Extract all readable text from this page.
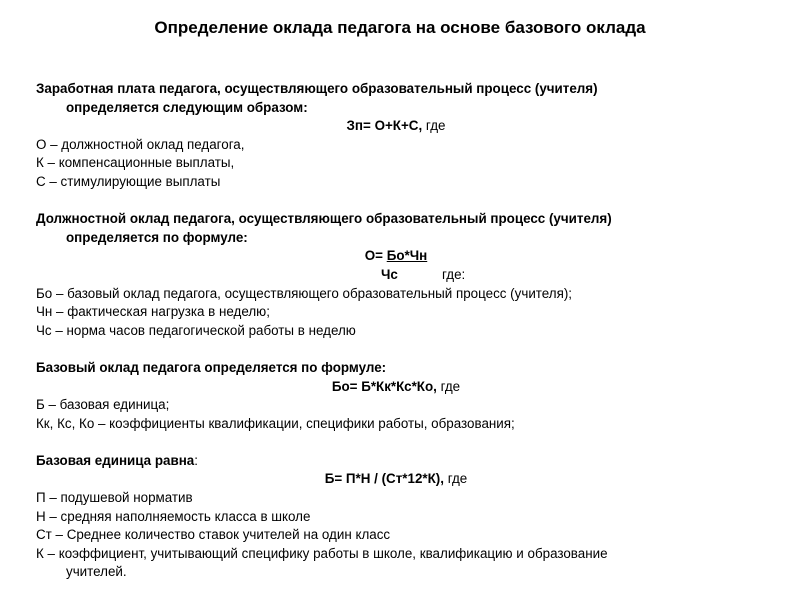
Определение оклада педагога на основе базового оклада
Заработная плата педагога, осуществляющего образовательный процесс (учителя)
определяется следующим образом:
Зп= О+К+С, где
О – должностной оклад педагога,
К – компенсационные выплаты,
С – стимулирующие выплаты
Должностной оклад педагога, осуществляющего образовательный процесс (учителя)
определяется по формуле:
О= Бо*Чн
Чс	где:

Бо – базовый оклад педагога, осуществляющего образовательный процесс (учителя);
Чн – фактическая нагрузка в неделю;
Чс – норма часов педагогической работы в неделю
Базовый оклад педагога определяется по формуле:
Бо= Б*Кк*Кс*Ко, где
Б – базовая единица;
Кк, Кс, Ко – коэффициенты квалификации, специфики работы, образования;
Базовая единица равна:
Б= П*Н / (Ст*12*К), где
П – подушевой норматив
Н – средняя наполняемость класса в школе
Ст – Среднее количество ставок учителей на один класс
К – коэффициент, учитывающий специфику работы в школе, квалификацию и образование
учителей.
